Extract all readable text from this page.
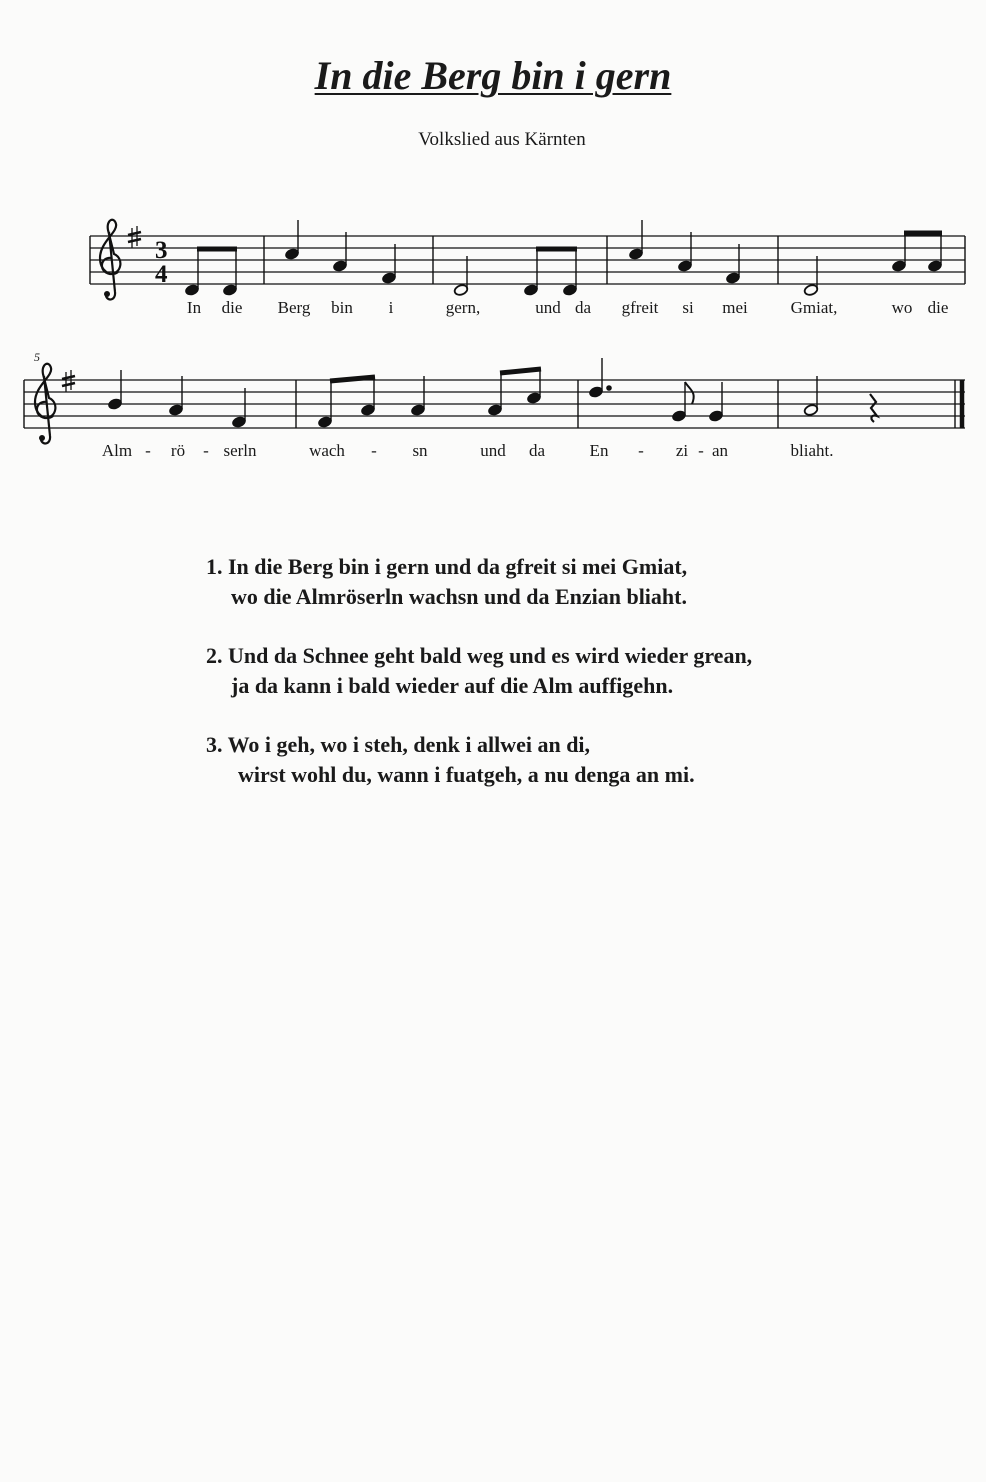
In die Berg bin i gern

Volkslied aus Kärnten

3
4
5
In die Berg bin i	gern,	und da gfreit si mei	Gmiat,	wo die
Alm - rö - serln	wach - sn	und da	En - zi - an	bliaht.

1. In die Berg bin i gern und da gfreit si mei Gmiat,

wo die Almröserln wachsn und da Enzian bliaht.

2. Und da Schnee geht bald weg und es wird wieder grean,

ja da kann i bald wieder auf die Alm auffigehn.

3. Wo i geh, wo i steh, denk i allwei an di,

wirst wohl du, wann i fuatgeh, a nu denga an mi.
